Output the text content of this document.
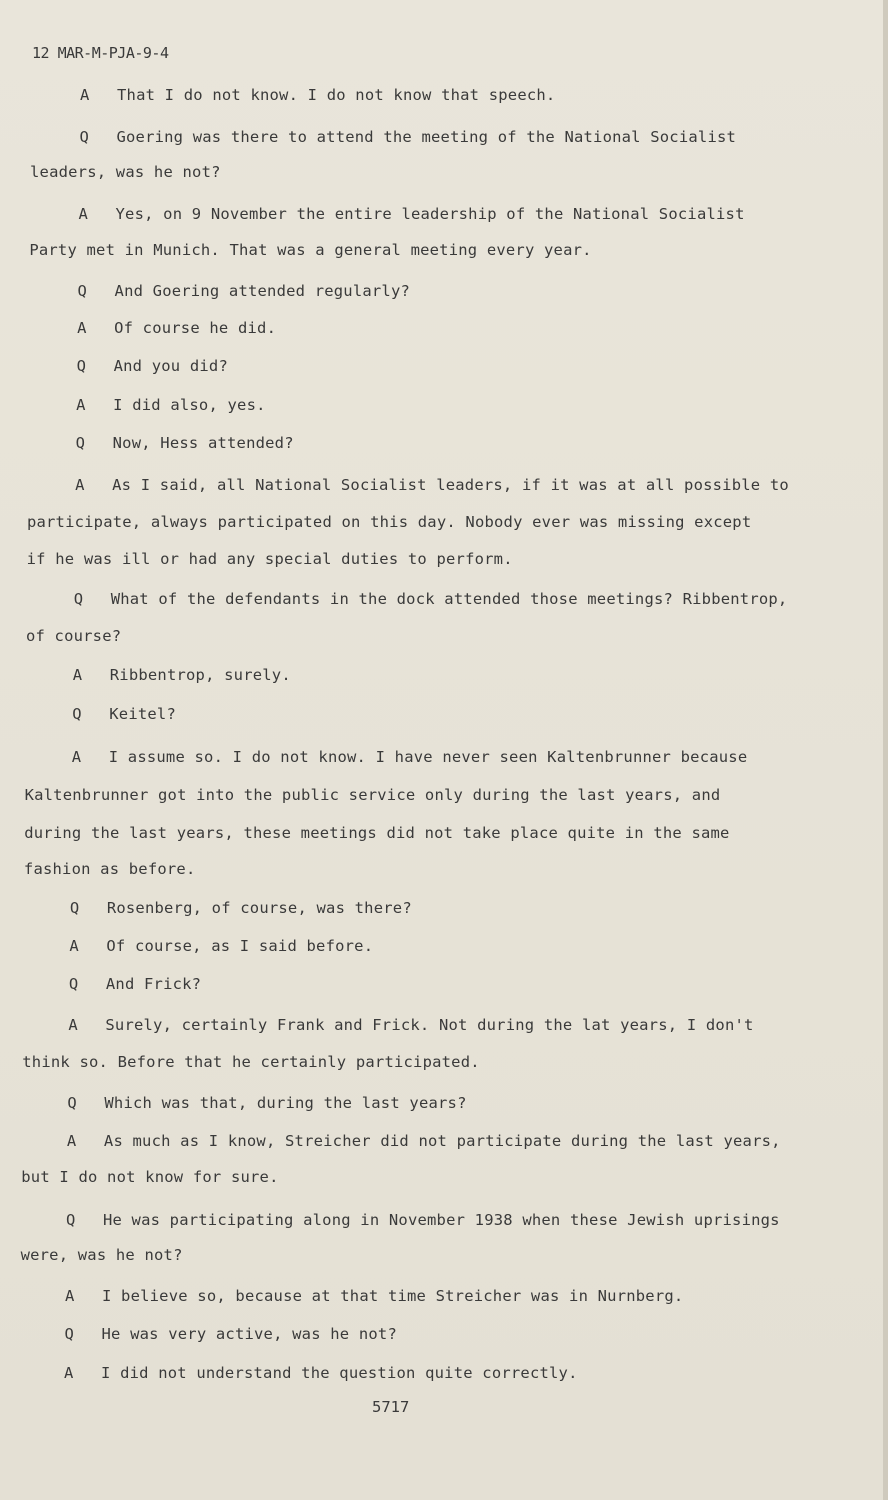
12 MAR-M-PJA-9-4
A That I do not know. I do not know that speech.
Q Goering was there to attend the meeting of the National Socialist
leaders, was he not?
A Yes, on 9 November the entire leadership of the National Socialist
Party met in Munich. That was a general meeting every year.
Q And Goering attended regularly?
A Of course he did.
Q And you did?
A I did also, yes.
Q Now, Hess attended?
A As I said, all National Socialist leaders, if it was at all possible to
participate, always participated on this day. Nobody ever was missing except
if he was ill or had any special duties to perform.
Q What of the defendants in the dock attended those meetings? Ribbentrop,
of course?
A Ribbentrop, surely.
Q Keitel?
A I assume so. I do not know. I have never seen Kaltenbrunner because
Kaltenbrunner got into the public service only during the last years, and
during the last years, these meetings did not take place quite in the same
fashion as before.
Q Rosenberg, of course, was there?
A Of course, as I said before.
Q And Frick?
A Surely, certainly Frank and Frick. Not during the lat years, I don't
think so. Before that he certainly participated.
Q Which was that, during the last years?
A As much as I know, Streicher did not participate during the last years,
but I do not know for sure.
Q He was participating along in November 1938 when these Jewish uprisings
were, was he not?
A I believe so, because at that time Streicher was in Nurnberg.
Q He was very active, was he not?
A I did not understand the question quite correctly.
5717
